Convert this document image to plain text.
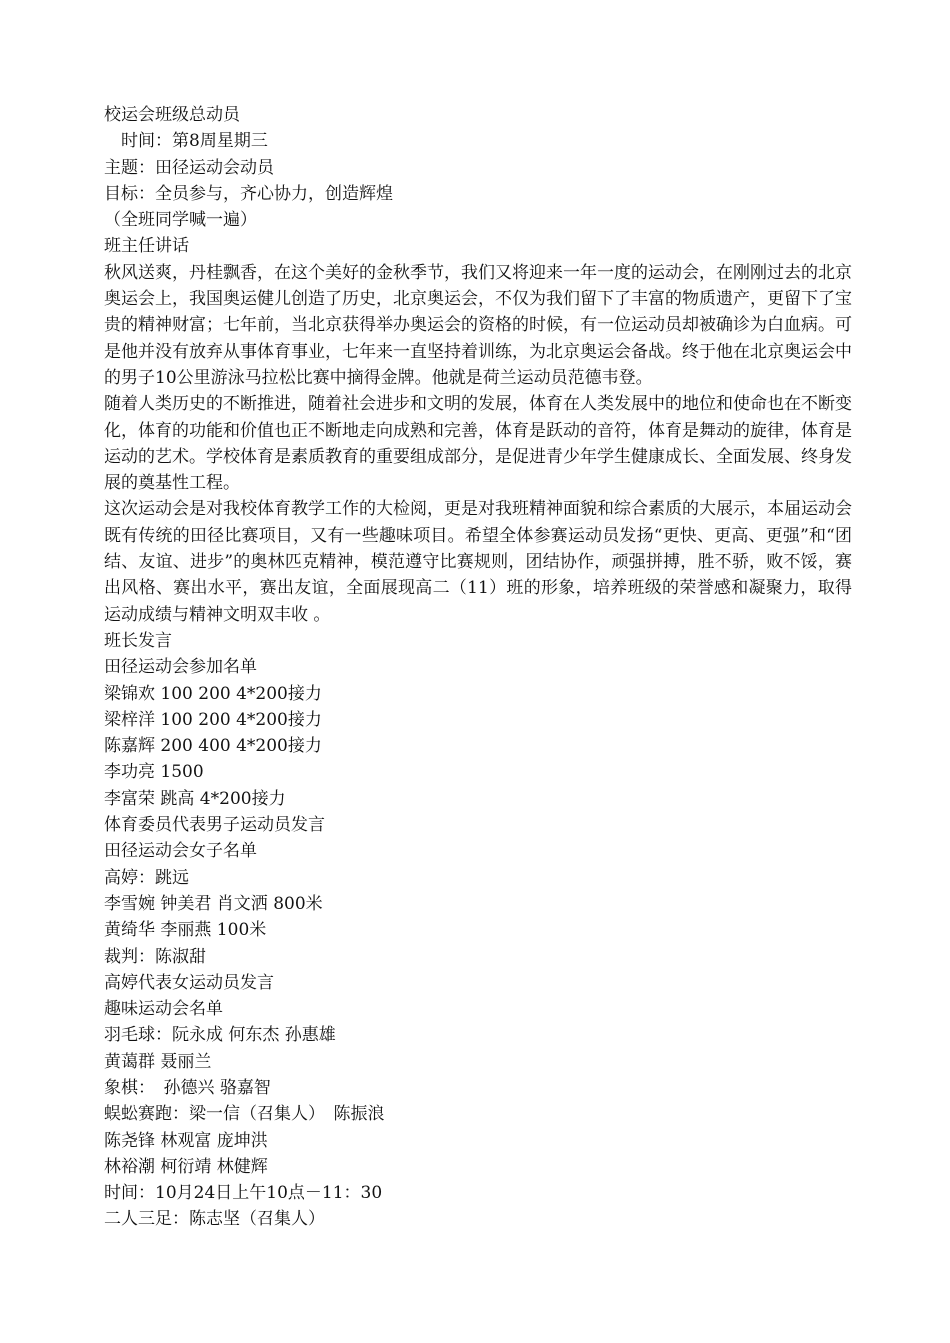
校运会班级总动员
　时间：第8周星期三
主题：田径运动会动员
目标：全员参与，齐心协力，创造辉煌
（全班同学喊一遍）
班主任讲话
秋风送爽，丹桂飘香，在这个美好的金秋季节，我们又将迎来一年一度的运动会，在刚刚过去的北京奥运会上，我国奥运健儿创造了历史，北京奥运会，不仅为我们留下了丰富的物质遗产，更留下了宝贵的精神财富；七年前，当北京获得举办奥运会的资格的时候，有一位运动员却被确诊为白血病。可是他并没有放弃从事体育事业，七年来一直坚持着训练，为北京奥运会备战。终于他在北京奥运会中的男子10公里游泳马拉松比赛中摘得金牌。他就是荷兰运动员范德韦登。
随着人类历史的不断推进，随着社会进步和文明的发展，体育在人类发展中的地位和使命也在不断变化，体育的功能和价值也正不断地走向成熟和完善，体育是跃动的音符，体育是舞动的旋律，体育是运动的艺术。学校体育是素质教育的重要组成部分，是促进青少年学生健康成长、全面发展、终身发展的奠基性工程。
这次运动会是对我校体育教学工作的大检阅，更是对我班精神面貌和综合素质的大展示，本届运动会既有传统的田径比赛项目，又有一些趣味项目。希望全体参赛运动员发扬“更快、更高、更强”和“团结、友谊、进步”的奥林匹克精神，模范遵守比赛规则，团结协作，顽强拼搏，胜不骄，败不馁，赛出风格、赛出水平，赛出友谊，全面展现高二（11）班的形象，培养班级的荣誉感和凝聚力，取得运动成绩与精神文明双丰收 。
班长发言
田径运动会参加名单
梁锦欢 100 200 4*200接力
梁梓洋 100 200 4*200接力
陈嘉辉 200 400 4*200接力
李功亮 1500
李富荣 跳高 4*200接力
体育委员代表男子运动员发言
田径运动会女子名单
高婷：跳远
李雪婉 钟美君 肖文洒 800米
黄绮华 李丽燕 100米
裁判：陈淑甜
高婷代表女运动员发言
趣味运动会名单
羽毛球：阮永成 何东杰 孙惠雄
黄蔼群 聂丽兰
象棋：　孙德兴 骆嘉智
蜈蚣赛跑：梁一信（召集人）　陈振浪
陈尧锋 林观富 庞坤洪
林裕潮 柯衍靖 林健辉
时间：10月24日上午10点－11：30
二人三足：陈志坚（召集人）
